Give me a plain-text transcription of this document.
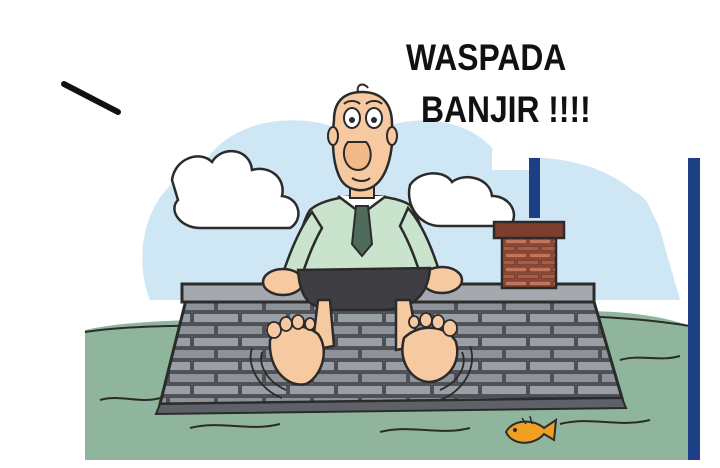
WASPADA
BANJIR !!!!
